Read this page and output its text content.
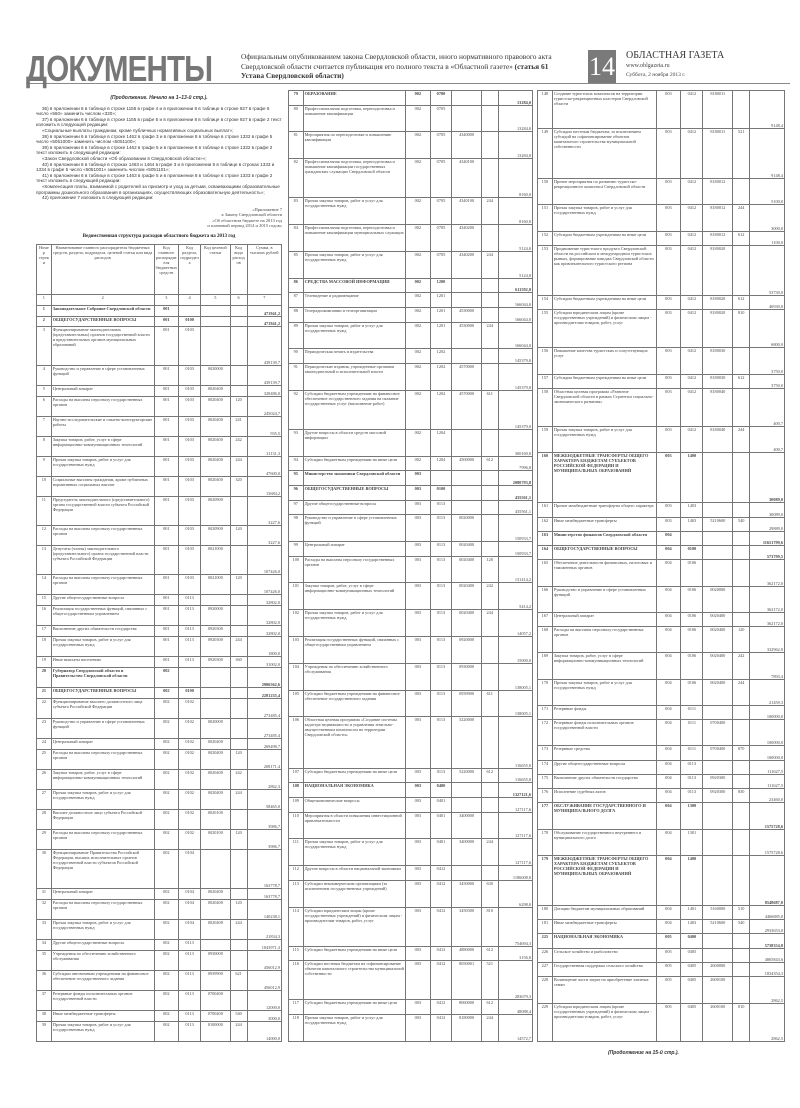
ДОКУМЕНТЫ	Официальным опубликованием закона Свердловской области, иного нормативного правового акта Свердловской области считается публикация его полного текста в «Областной газете» (статья 61 Устава Свердловской области)	14 ОБЛАСТНАЯ ГАЗЕТА
www.oblgazeta.ru
Суббота, 2 ноября 2013 г.
(Продолжение. Начало на 1–13-й стр.).

36) в приложении 6 в таблице в строке 1155 в графе 4 и в приложении 8 в таблице в строке 927 в графе 6 число «560» заменить числом «320»;

37) в приложении 6 в таблице в строке 1155 в графе 5 и в приложении 8 в таблице в строке 927 в графе 2 текст изложить в следующей редакции:

«Социальные выплаты гражданам, кроме публичных нормативных социальных выплат»;

38) в приложении 6 в таблице в строке 1462 в графе 3 и в приложении 8 в таблице в строке 1332 в графе 5 число «5051000» заменить числом «5051100»;

39) в приложении 6 в таблице в строке 1462 в графе 5 и в приложении 8 в таблице в строке 1332 в графе 2 текст изложить в следующей редакции:

«Закон Свердловской области «Об образовании в Свердловской области»»;

40) в приложении 6 в таблице в строках 1463 и 1464 в графе 3 и в приложении 8 в таблице в строках 1333 и 1334 в графе 5 число «5051001» заменить числом «5051101»;

41) в приложении 6 в таблице в строке 1463 в графе 5 и в приложении 8 в таблице в строке 1333 в графе 2 текст изложить в следующей редакции:

«Компенсация платы, взимаемой с родителей за присмотр и уход за детьми, осваивающими образовательные программы дошкольного образования в организациях, осуществляющих образовательную деятельность»;

42) приложение 7 изложить в следующей редакции:

«Приложение 7
к Закону Свердловской области
«Об областном бюджете на 2013 год
и плановый период 2014 и 2015 годов»
Ведомственная структура расходов областного бюджета на 2013 год
Номер строки	Наименование главного распорядителя бюджетных средств, раздела, подраздела, целевой статьи или вида расходов	Код главного распорядителя бюджетных средств	Код раздела, подраздела	Код целевой статьи	Код вида расходов	Сумма, в тысячах рублей
1	2	3	4	5	6	7
1	Законодательное Собрание Свердловской области	001				471941,2
2	ОБЩЕГОСУДАРСТВЕННЫЕ ВОПРОСЫ	001	0100			471941,2
3	Функционирование законодательных (представительных) органов государственной власти и представительных органов муниципальных образований	001	0103			439139,7
4	Руководство и управление в сфере установленных функций	001	0103	0020000		439139,7
5	Центральный аппарат	001	0103	0020400		328486,0
6	Расходы на выплаты персоналу государственных органов	001	0103	0020400	120	245024,7
7	Научно-исследовательские и опытно-конструкторские работы	001	0103	0020400	241	935,5
8	Закупка товаров, работ, услуг в сфере информационно-коммуникационных технологий	001	0103	0020400	242	21131,3
9	Прочая закупка товаров, работ и услуг для государственных нужд	001	0103	0020400	244	47600,0
10	Социальные выплаты гражданам, кроме публичных нормативных социальных выплат	001	0103	0020400	320	13684,2
11	Председатель законодательного (представительного) органа государственной власти субъекта Российской Федерации	001	0103	0020900		3227,6
12	Расходы на выплаты персоналу государственных органов	001	0103	0020900	120	3227,6
13	Депутаты (члены) законодательного (представительного) органа государственной власти субъекта Российской Федерации	001	0103	0021000		107426,0
14	Расходы на выплаты персоналу государственных органов	001	0103	0021000	120	107426,0
15	Другие общегосударственные вопросы	001	0113			32802,0
16	Реализация государственных функций, связанных с общегосударственным управлением	001	0113	0920000		32802,0
17	Выполнение других обязательств государства	001	0113	0920300		32802,0
18	Прочая закупка товаров, работ и услуг для государственных нужд	001	0113	0920300	244	1800,0
19	Иные выплаты населению	001	0113	0920300	360	31002,0
20	Губернатор Свердловской области и Правительство Свердловской области	002				2906562,6
21	ОБЩЕГОСУДАРСТВЕННЫЕ ВОПРОСЫ	002	0100			2281235,4
22	Функционирование высшего должностного лица субъекта Российской Федерации	002	0102			273485,4
23	Руководство и управление в сфере установленных функций	002	0102	0020000		273485,4
24	Центральный аппарат	002	0102	0020400		269498,7
25	Расходы на выплаты персоналу государственных органов	002	0102	0020400	120	208171,4
26	Закупка товаров, работ, услуг в сфере информационно-коммуникационных технологий	002	0102	0020400	242	2862,3
27	Прочая закупка товаров, работ и услуг для государственных нужд	002	0102	0020400	244	58465,0
28	Высшее должностное лицо субъекта Российской Федерации	002	0102	0020100		3986,7
29	Расходы на выплаты персоналу государственных органов	002	0102	0020100	120	3986,7
30	Функционирование Правительства Российской Федерации, высших исполнительных органов государственной власти субъектов Российской Федерации	002	0104			163778,7
31	Центральный аппарат	002	0104	0020400		163778,7
32	Расходы на выплаты персоналу государственных органов	002	0104	0020400	120	140238,1
33	Прочая закупка товаров, работ и услуг для государственных нужд	002	0104	0020400	244	21834,3
34	Другие общегосударственные вопросы	002	0113			1843971,3
35	Учреждения по обеспечению хозяйственного обслуживания	002	0113	0930000		456012,9
36	Субсидии автономным учреждениям на финансовое обеспечение государственного задания	002	0113	0939900	621	456012,9
37	Резервные фонды исполнительных органов государственной власти	002	0113	0700400		12000,0
38	Иные межбюджетные трансферты	002	0113	0700400	540	3000,0
39	Прочая закупка товаров, работ и услуг для государственных нужд	002	0113	8100000	244	14000,0
79	ОБРАЗОВАНИЕ	002	0700			13284,0
80	Профессиональная подготовка, переподготовка и повышение квалификации	002	0705			13284,0
81	Мероприятия по переподготовке и повышению квалификации	002	0705	4340000		13284,0
82	Профессиональная подготовка, переподготовка и повышение квалификации государственных гражданских служащих Свердловской области	002	0705	4340100		8160,0
83	Прочая закупка товаров, работ и услуг для государственных нужд	002	0705	4340100	244	8160,0
84	Профессиональная подготовка, переподготовка и повышение квалификации муниципальных служащих	002	0705	4340200		5124,0
85	Прочая закупка товаров, работ и услуг для государственных нужд	002	0705	4340200	244	5124,0
86	СРЕДСТВА МАССОВОЙ ИНФОРМАЦИИ	002	1200			611592,0
87	Телевидение и радиовещание	002	1201			166044,0
88	Телерадиокомпании и телеорганизации	002	1201	4530000		166044,0
89	Прочая закупка товаров, работ и услуг для государственных нужд	002	1201	4530000	244	166044,0
90	Периодическая печать и издательства	002	1202			145379,0
91	Периодические издания, учрежденные органами законодательной и исполнительной власти	002	1202	4570000		145379,0
92	Субсидии бюджетным учреждениям на финансовое обеспечение государственного задания на оказание государственных услуг (выполнение работ)	002	1202	4570000	611	145379,0
93	Другие вопросы в области средств массовой информации	002	1204			300169,0
94	Субсидии бюджетным учреждениям на иные цели	002	1204	4500000	612	7996,0
95	Министерство экономики Свердловской области	003				2080793,8
96	ОБЩЕГОСУДАРСТВЕННЫЕ ВОПРОСЫ	003	0100			435561,1
97	Другие общегосударственные вопросы	003	0113			435561,1
98	Руководство и управление в сфере установленных функций	003	0113	0020000		150933,7
99	Центральный аппарат	003	0113	0020400		150933,7
100	Расходы на выплаты персоналу государственных органов	003	0113	0020400	120	131414,2
101	Закупка товаров, работ, услуг в сфере информационно-коммуникационных технологий	003	0113	0020400	242	5414,2
102	Прочая закупка товаров, работ и услуг для государственных нужд	003	0113	0020400	244	14057,2
103	Реализация государственных функций, связанных с общегосударственным управлением	003	0113	0920000		15000,0
104	Учреждения по обеспечению хозяйственного обслуживания	003	0113	0930000		138005,1
105	Субсидии бюджетным учреждениям на финансовое обеспечение государственного задания	003	0113	0939900	611	138005,1
106	Областная целевая программа «Создание системы кадастра недвижимости и управления земельно-имущественным комплексом на территории Свердловской области»	003	0113	5220000		116655,0
107	Субсидии бюджетным учреждениям на иные цели	003	0113	5220000	612	116655,0
108	НАЦИОНАЛЬНАЯ ЭКОНОМИКА	003	0400			1327121,6
109	Общеэкономические вопросы	003	0401			127117,6
110	Мероприятия в области повышения инвестиционной привлекательности	003	0401	3400000		127117,6
111	Прочая закупка товаров, работ и услуг для государственных нужд	003	0401	3400000	244	127117,6
112	Другие вопросы в области национальной экономики	003	0412			1186008,0
113	Субсидии некоммерческим организациям (за исключением государственных учреждений)	003	0412	3450000	630	6298,0
114	Субсидии юридическим лицам (кроме государственных учреждений) и физическим лицам - производителям товаров, работ, услуг	003	0412	3450300	810	754694,3
115	Субсидии бюджетным учреждениям на иные цели	003	0412	4880000	612	3156,0
116	Субсидии местным бюджетам на софинансирование объектов капитального строительства муниципальной собственности	003	0412	8050001	521	283679,3
117	Субсидии бюджетным учреждениям на иные цели	003	0412	8060000	612	48088,4
118	Прочая закупка товаров, работ и услуг для государственных нужд	003	0412	8180000	244	14572,7
148	Создание туристских комплексов на территории туристско-рекреационных кластеров Свердловской области	003	0412	8180011		9148,4
149	Субсидии местным бюджетам, за исключением субсидий на софинансирование объектов капитального строительства муниципальной собственности	003	0412	8180011	521	9148,4
150	Прочие мероприятия по развитию туристско-рекреационного комплекса Свердловской области	003	0412	8180012		5100,0
151	Прочая закупка товаров, работ и услуг для государственных нужд	003	0412	8180012	244	3000,0
152	Субсидии бюджетным учреждениям на иные цели	003	0412	8180012	612	1100,0
153	Продвижение туристского продукта Свердловской области на российском и международном туристских рынках, формирование имиджа Свердловской области как привлекательного туристского региона	003	0412	8180020		53730,0
154	Субсидии бюджетным учреждениям на иные цели	003	0412	8180020	612	46930,0
155	Субсидии юридическим лицам (кроме государственных учреждений) и физическим лицам - производителям товаров, работ, услуг	003	0412	8180020	810	6800,0
156	Повышение качества туристских и сопутствующих услуг	003	0412	8180030		3750,0
157	Субсидии бюджетным учреждениям на иные цели	003	0412	8180030	612	3750,0
158	Областная целевая программа «Развитие Свердловской области в рамках Стратегии социально-экономического развития»	003	0412	8180040		400,7
159	Прочая закупка товаров, работ и услуг для государственных нужд	003	0412	8180040	244	400,7
160	МЕЖБЮДЖЕТНЫЕ ТРАНСФЕРТЫ ОБЩЕГО ХАРАКТЕРА БЮДЖЕТАМ СУБЪЕКТОВ РОССИЙСКОЙ ФЕДЕРАЦИИ И МУНИЦИПАЛЬНЫХ ОБРАЗОВАНИЙ	003	1400			30089,0
161	Прочие межбюджетные трансферты общего характера	003	1403			30089,0
162	Иные межбюджетные трансферты	003	1403	5210600	540	29889,0
163	Министерство финансов Свердловской области	004				11651799,6
164	ОБЩЕГОСУДАРСТВЕННЫЕ ВОПРОСЫ	004	0100			573799,5
165	Обеспечение деятельности финансовых, налоговых и таможенных органов	004	0106			362172,0
166	Руководство и управление в сфере установленных функций	004	0106	0020000		362172,0
167	Центральный аппарат	004	0106	0020400		362172,0
168	Расходы на выплаты персоналу государственных органов	004	0106	0020400	120	332962,8
169	Закупка товаров, работ, услуг в сфере информационно-коммуникационных технологий	004	0106	0020400	242	7893,4
170	Прочая закупка товаров, работ и услуг для государственных нужд	004	0106	0020400	244	21459,3
171	Резервные фонды	004	0111			100000,0
172	Резервные фонды исполнительных органов государственной власти	004	0111	0700400		100000,0
173	Резервные средства	004	0111	0700400	870	100000,0
174	Другие общегосударственные вопросы	004	0113			111627,5
175	Выполнение других обязательств государства	004	0113	0920300		111627,5
176	Исполнение судебных актов	004	0113	0920300	830	23460,0
177	ОБСЛУЖИВАНИЕ ГОСУДАРСТВЕННОГО И МУНИЦИПАЛЬНОГО ДОЛГА	004	1300			1575728,6
178	Обслуживание государственного внутреннего и муниципального долга	004	1301			1575728,6
179	МЕЖБЮДЖЕТНЫЕ ТРАНСФЕРТЫ ОБЩЕГО ХАРАКТЕРА БЮДЖЕТАМ СУБЪЕКТОВ РОССИЙСКОЙ ФЕДЕРАЦИИ И МУНИЦИПАЛЬНЫХ ОБРАЗОВАНИЙ	004	1400			8548687,0
180	Дотации бюджетам муниципальных образований	004	1401	5160000	510	4466885,0
181	Иные межбюджетные трансферты	004	1403	5210600	540	2933653,0
225	НАЦИОНАЛЬНАЯ ЭКОНОМИКА	005	0400			5738354,8
226	Сельское хозяйство и рыболовство	005	0405			4865843,6
227	Государственная поддержка сельского хозяйства	005	0405	2600000		1834354,3
228	Возмещение части затрат на приобретение элитных семян	005	0405	2600100		2862,5
229	Субсидии юридическим лицам (кроме государственных учреждений) и физическим лицам - производителям товаров, работ, услуг	005	0405	2600100	810	2862,5
(Продолжение на 15-й стр.).
